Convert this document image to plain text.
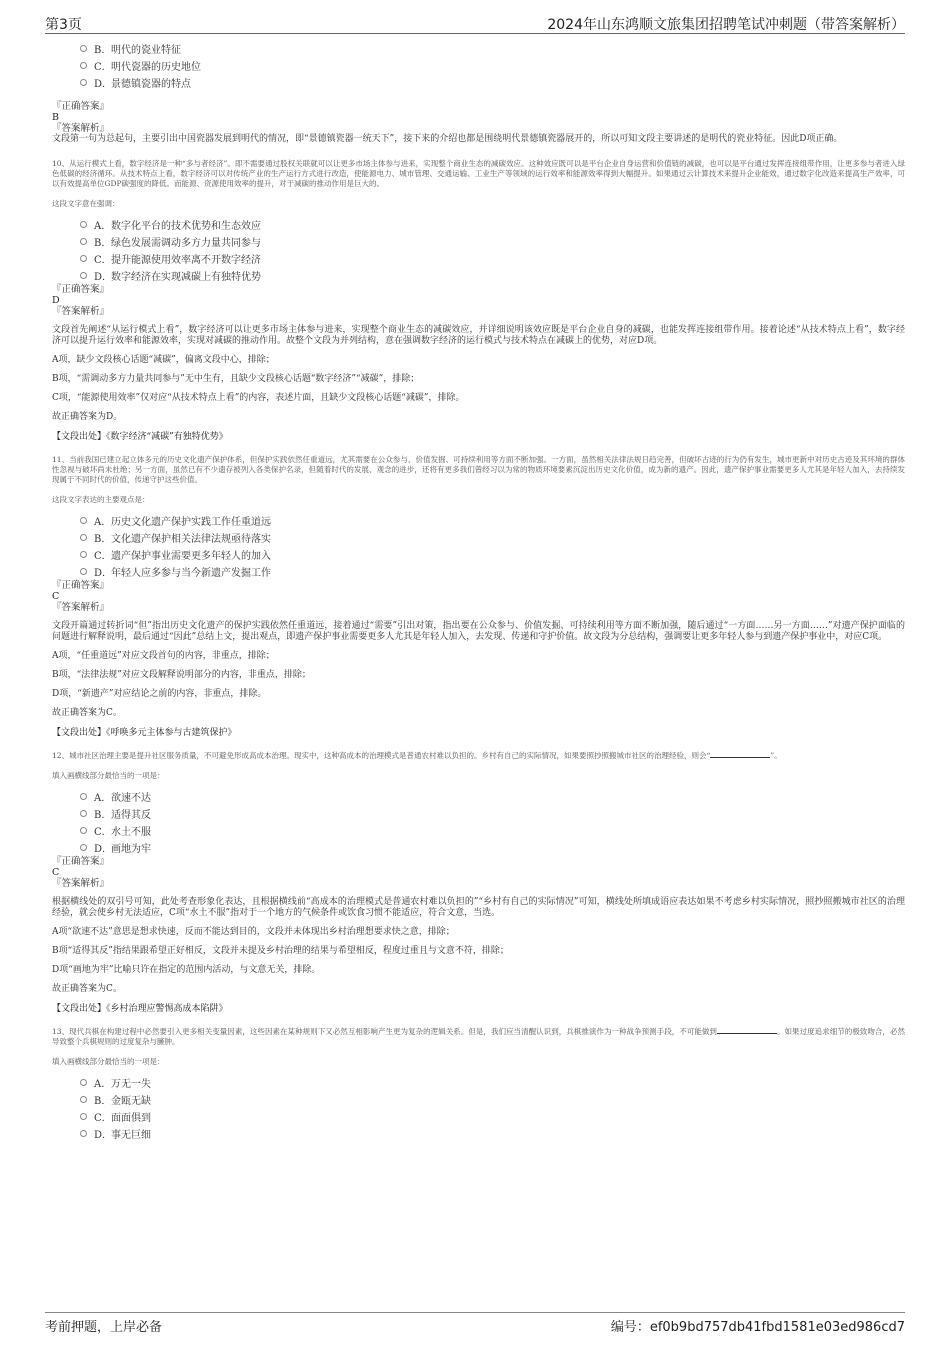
第3页	2024年山东鸿顺文旅集团招聘笔试冲刺题（带答案解析）
B． 明代的瓷业特征
C． 明代瓷器的历史地位
D．
景德镇瓷器的特点
『正确答案』
B
『答案解析』
文段第一句为总起句，主要引出中国瓷器发展到明代的情况，即“景德镇瓷器一统天下”，接下来的介绍也都是围绕明代景德镇瓷器展开的，所以可知文段主要讲述的是明代的瓷业特征。因此D项正确。
10、从运行模式上看，数字经济是一种“多与者经济”。即不需要通过股权关联就可以让更多市场主体参与进来，实现整个商业生态的减碳效应。这种效应既可以是平台企业自身运营和价值链的减碳，也可以是平台通过发挥连接组带作用，让更多参与者进入绿色低碳的经济循环。从技术特点上看，数字经济可以对传统产业的生产运行方式进行改造，使能源电力、城市管理、交通运输、工业生产等领域的运行效率和能源效率得到大幅提升。如果通过云计算技术来提升企业能效，通过数字化改造来提高生产效率，可以有效提高单位GDP碳强度的降低。而能源、资源使用效率的提升，对于减碳的推动作用是巨大的。
这段文字意在强调：
A． 数字化平台的技术优势和生态效应
B． 绿色发展需调动多方力量共同参与
C． 提升能源使用效率离不开数字经济
D．
数字经济在实现减碳上有独特优势
『正确答案』
D
『答案解析』
文段首先阐述“从运行模式上看”，数字经济可以让更多市场主体参与进来，实现整个商业生态的减碳效应，并详细说明该效应既是平台企业自身的减碳，也能发挥连接组带作用。接着论述“从技术特点上看”，数字经济可以提升运行效率和能源效率，实现对减碳的推动作用。故整个文段为并列结构，意在强调数字经济的运行模式与技术特点在减碳上的优势，对应D项。
A项，缺少文段核心话题“减碳”，偏离文段中心，排除；
B项，“需调动多方力量共同参与”无中生有，且缺少文段核心话题“数字经济”“减碳”，排除；
C项，“能源使用效率”仅对应“从技术特点上看”的内容，表述片面，且缺少文段核心话题“减碳”，排除。
故正确答案为D。
【文段出处】《数字经济“减碳”有独特优势》
11、当前我国已建立起立体多元的历史文化遗产保护体系，但保护实践依然任重道远，尤其需要在公众参与、价值发掘、可持续利用等方面不断加强。一方面，虽然相关法律法规日趋完善，但破坏古迹的行为仍有发生，城市更新中对历史古迹及其环境的群体性忽视与破坏尚未杜绝；另一方面，虽然已有不少遗存被列入各类保护名录，但随着时代的发展、观念的进步，还将有更多我们曾经习以为常的物质环境要素沉淀出历史文化价值，成为新的遗产。因此，遗产保护事业需要更多人尤其是年轻人加入，去持续发现属于不同时代的价值，传递守护这些价值。
这段文字表达的主要观点是：
A． 历史文化遗产保护实践工作任重道远
B． 文化遗产保护相关法律法规亟待落实
C． 遗产保护事业需要更多年轻人的加入
D．
年轻人应多参与当今新遗产发掘工作
『正确答案』
C
『答案解析』
文段开篇通过转折词“但”指出历史文化遗产的保护实践依然任重道远，接着通过“需要”引出对策，指出要在公众参与、价值发掘、可持续利用等方面不断加强，随后通过“一方面……另一方面……”对遗产保护面临的问题进行解释说明，最后通过“因此”总结上文，提出观点，即遗产保护事业需要更多人尤其是年轻人加入，去发现、传递和守护价值。故文段为分总结构，强调要让更多年轻人参与到遗产保护事业中，对应C项。
A项，“任重道远”对应文段首句的内容，非重点，排除；
B项，“法律法规”对应文段解释说明部分的内容，非重点，排除；
D项，“新遗产”对应结论之前的内容，非重点，排除。
故正确答案为C。
【文段出处】《呼唤多元主体参与古建筑保护》
12、城市社区治理主要是提升社区服务质量，不可避免形成高成本治理。现实中，这种高成本的治理模式是普通农村难以负担的。乡村有自己的实际情况，如果要照抄照搬城市社区的治理经验，则会“	”。
填入画横线部分最恰当的一项是：
A． 欲速不达
B． 适得其反
C． 水土不服
D．
画地为牢
『正确答案』
C
『答案解析』
根据横线处的双引号可知，此处考查形象化表达，且根据横线前“高成本的治理模式是普通农村难以负担的”“乡村有自己的实际情况”可知，横线处所填成语应表达如果不考虑乡村实际情况，照抄照搬城市社区的治理经验，就会使乡村无法适应，C项“水土不服”指对于一个地方的气候条件或饮食习惯不能适应，符合文意，当选。
A项“欲速不达”意思是想求快速，反而不能达到目的，文段并未体现出乡村治理想要求快之意，排除；
B项“适得其反”指结果跟希望正好相反，文段并未提及乡村治理的结果与希望相反，程度过重且与文意不符，排除；
D项“画地为牢”比喻只许在指定的范围内活动，与文意无关，排除。
故正确答案为C。
【文段出处】《乡村治理应警惕高成本陷阱》
13、现代兵棋在构建过程中必然要引入更多相关变量因素，这些因素在某种规则下又必然互相影响产生更为复杂的逻辑关系。但是，我们应当清醒认识到，兵棋推演作为一种战争预测手段，不可能做到	。如果过度追求细节的极致吻合，必然导致整个兵棋规则的过度复杂与臃肿。
填入画横线部分最恰当的一项是：
A． 万无一失
B． 金瓯无缺
C． 面面俱到
D．
事无巨细
考前押题，上岸必备	编号：ef0b9bd757db41fbd1581e03ed986cd7
